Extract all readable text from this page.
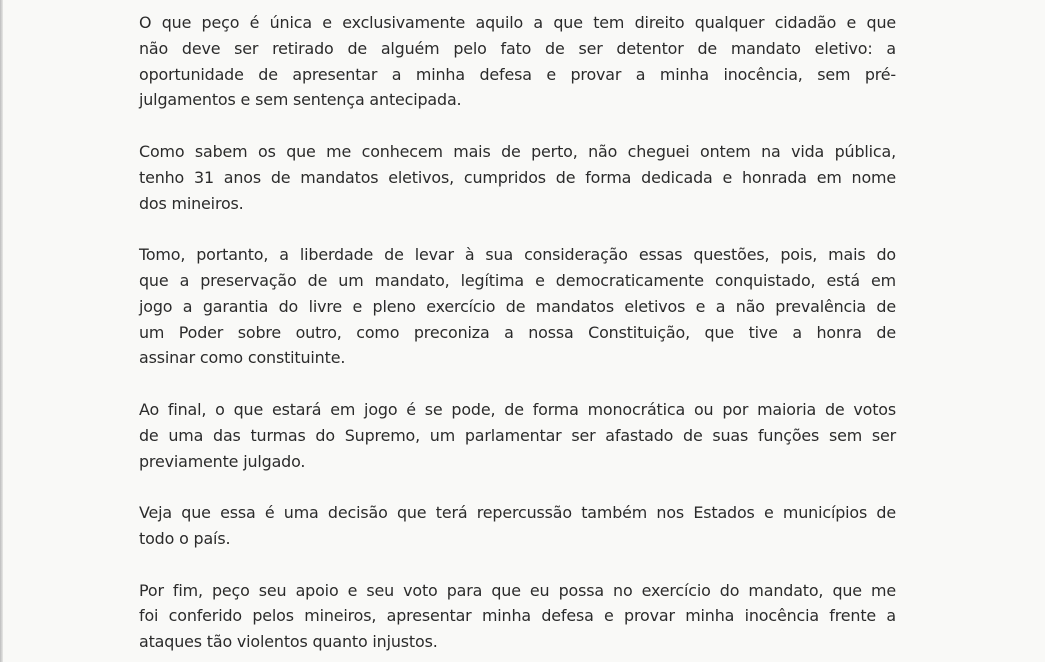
O que peço é única e exclusivamente aquilo a que tem direito qualquer cidadão e que
não deve ser retirado de alguém pelo fato de ser detentor de mandato eletivo: a
oportunidade de apresentar a minha defesa e provar a minha inocência, sem pré-
julgamentos e sem sentença antecipada.

Como sabem os que me conhecem mais de perto, não cheguei ontem na vida pública,
tenho 31 anos de mandatos eletivos, cumpridos de forma dedicada e honrada em nome
dos mineiros.

Tomo, portanto, a liberdade de levar à sua consideração essas questões, pois, mais do
que a preservação de um mandato, legítima e democraticamente conquistado, está em
jogo a garantia do livre e pleno exercício de mandatos eletivos e a não prevalência de
um Poder sobre outro, como preconiza a nossa Constituição, que tive a honra de
assinar como constituinte.

Ao final, o que estará em jogo é se pode, de forma monocrática ou por maioria de votos
de uma das turmas do Supremo, um parlamentar ser afastado de suas funções sem ser
previamente julgado.

Veja que essa é uma decisão que terá repercussão também nos Estados e municípios de
todo o país.

Por fim, peço seu apoio e seu voto para que eu possa no exercício do mandato, que me
foi conferido pelos mineiros, apresentar minha defesa e provar minha inocência frente a
ataques tão violentos quanto injustos.
